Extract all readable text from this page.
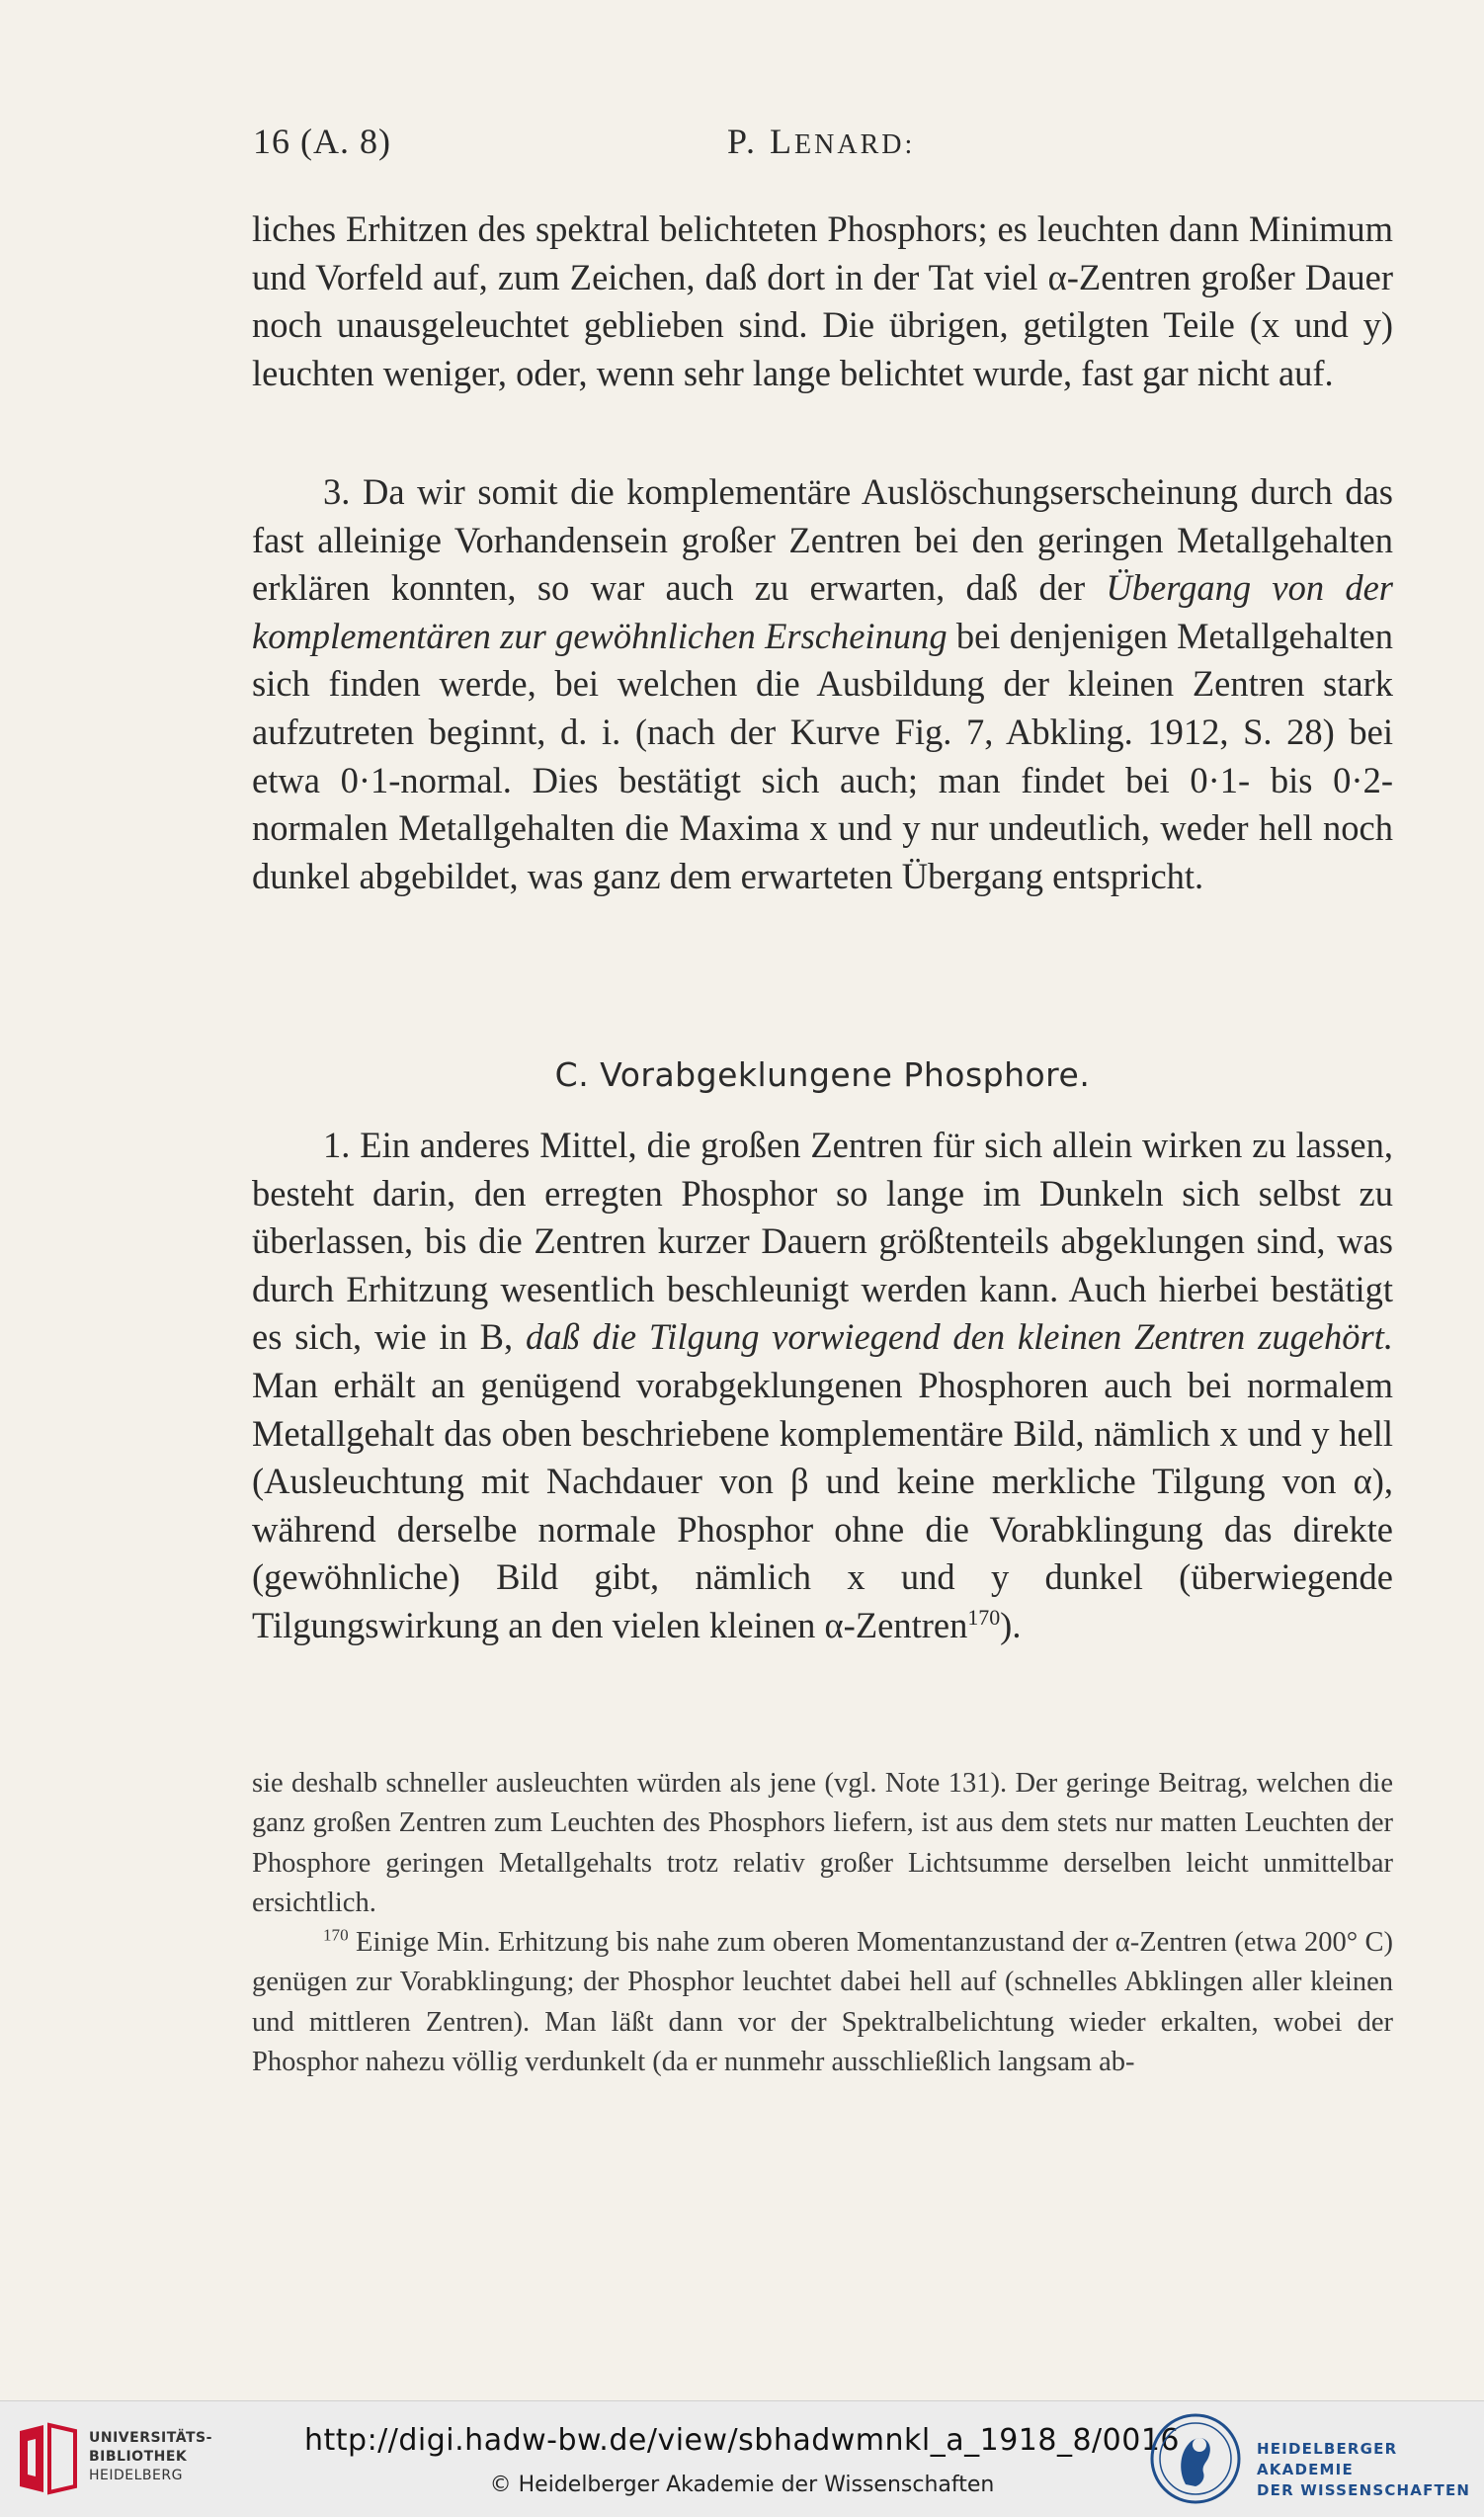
16 (A. 8)	P. LENARD:

liches Erhitzen des spektral belichteten Phosphors; es leuchten dann Minimum und Vorfeld auf, zum Zeichen, daß dort in der Tat viel α-Zentren großer Dauer noch unausgeleuchtet geblieben sind. Die übrigen, getilgten Teile (x und y) leuchten weniger, oder, wenn sehr lange belichtet wurde, fast gar nicht auf.

3. Da wir somit die komplementäre Auslöschungserscheinung durch das fast alleinige Vorhandensein großer Zentren bei den geringen Metallgehalten erklären konnten, so war auch zu erwarten, daß der Übergang von der komplementären zur gewöhnlichen Erscheinung bei denjenigen Metallgehalten sich finden werde, bei welchen die Ausbildung der kleinen Zentren stark aufzutreten beginnt, d. i. (nach der Kurve Fig. 7, Abkling. 1912, S. 28) bei etwa 0·1-normal. Dies bestätigt sich auch; man findet bei 0·1- bis 0·2-normalen Metallgehalten die Maxima x und y nur undeutlich, weder hell noch dunkel abgebildet, was ganz dem erwarteten Übergang entspricht.

C. Vorabgeklungene Phosphore.

1. Ein anderes Mittel, die großen Zentren für sich allein wirken zu lassen, besteht darin, den erregten Phosphor so lange im Dunkeln sich selbst zu überlassen, bis die Zentren kurzer Dauern größtenteils abgeklungen sind, was durch Erhitzung wesentlich beschleunigt werden kann. Auch hierbei bestätigt es sich, wie in B, daß die Tilgung vorwiegend den kleinen Zentren zugehört. Man erhält an genügend vorabgeklungenen Phosphoren auch bei normalem Metallgehalt das oben beschriebene komplementäre Bild, nämlich x und y hell (Ausleuchtung mit Nachdauer von β und keine merkliche Tilgung von α), während derselbe normale Phosphor ohne die Vorabklingung das direkte (gewöhnliche) Bild gibt, nämlich x und y dunkel (überwiegende Tilgungswirkung an den vielen kleinen α-Zentren$^{170}$).

sie deshalb schneller ausleuchten würden als jene (vgl. Note 131). Der geringe Beitrag, welchen die ganz großen Zentren zum Leuchten des Phosphors liefern, ist aus dem stets nur matten Leuchten der Phosphore geringen Metallgehalts trotz relativ großer Lichtsumme derselben leicht unmittelbar ersichtlich.

$^{170}$ Einige Min. Erhitzung bis nahe zum oberen Momentanzustand der α-Zentren (etwa 200° C) genügen zur Vorabklingung; der Phosphor leuchtet dabei hell auf (schnelles Abklingen aller kleinen und mittleren Zentren). Man läßt dann vor der Spektralbelichtung wieder erkalten, wobei der Phosphor nahezu völlig verdunkelt (da er nunmehr ausschließlich langsam ab-

UNIVERSITÄTS-
BIBLIOTHEK
HEIDELBERG
http://digi.hadw-bw.de/view/sbhadwmnkl_a_1918_8/0016
© Heidelberger Akademie der Wissenschaften
HEIDELBERGER AKADEMIE
DER WISSENSCHAFTEN
